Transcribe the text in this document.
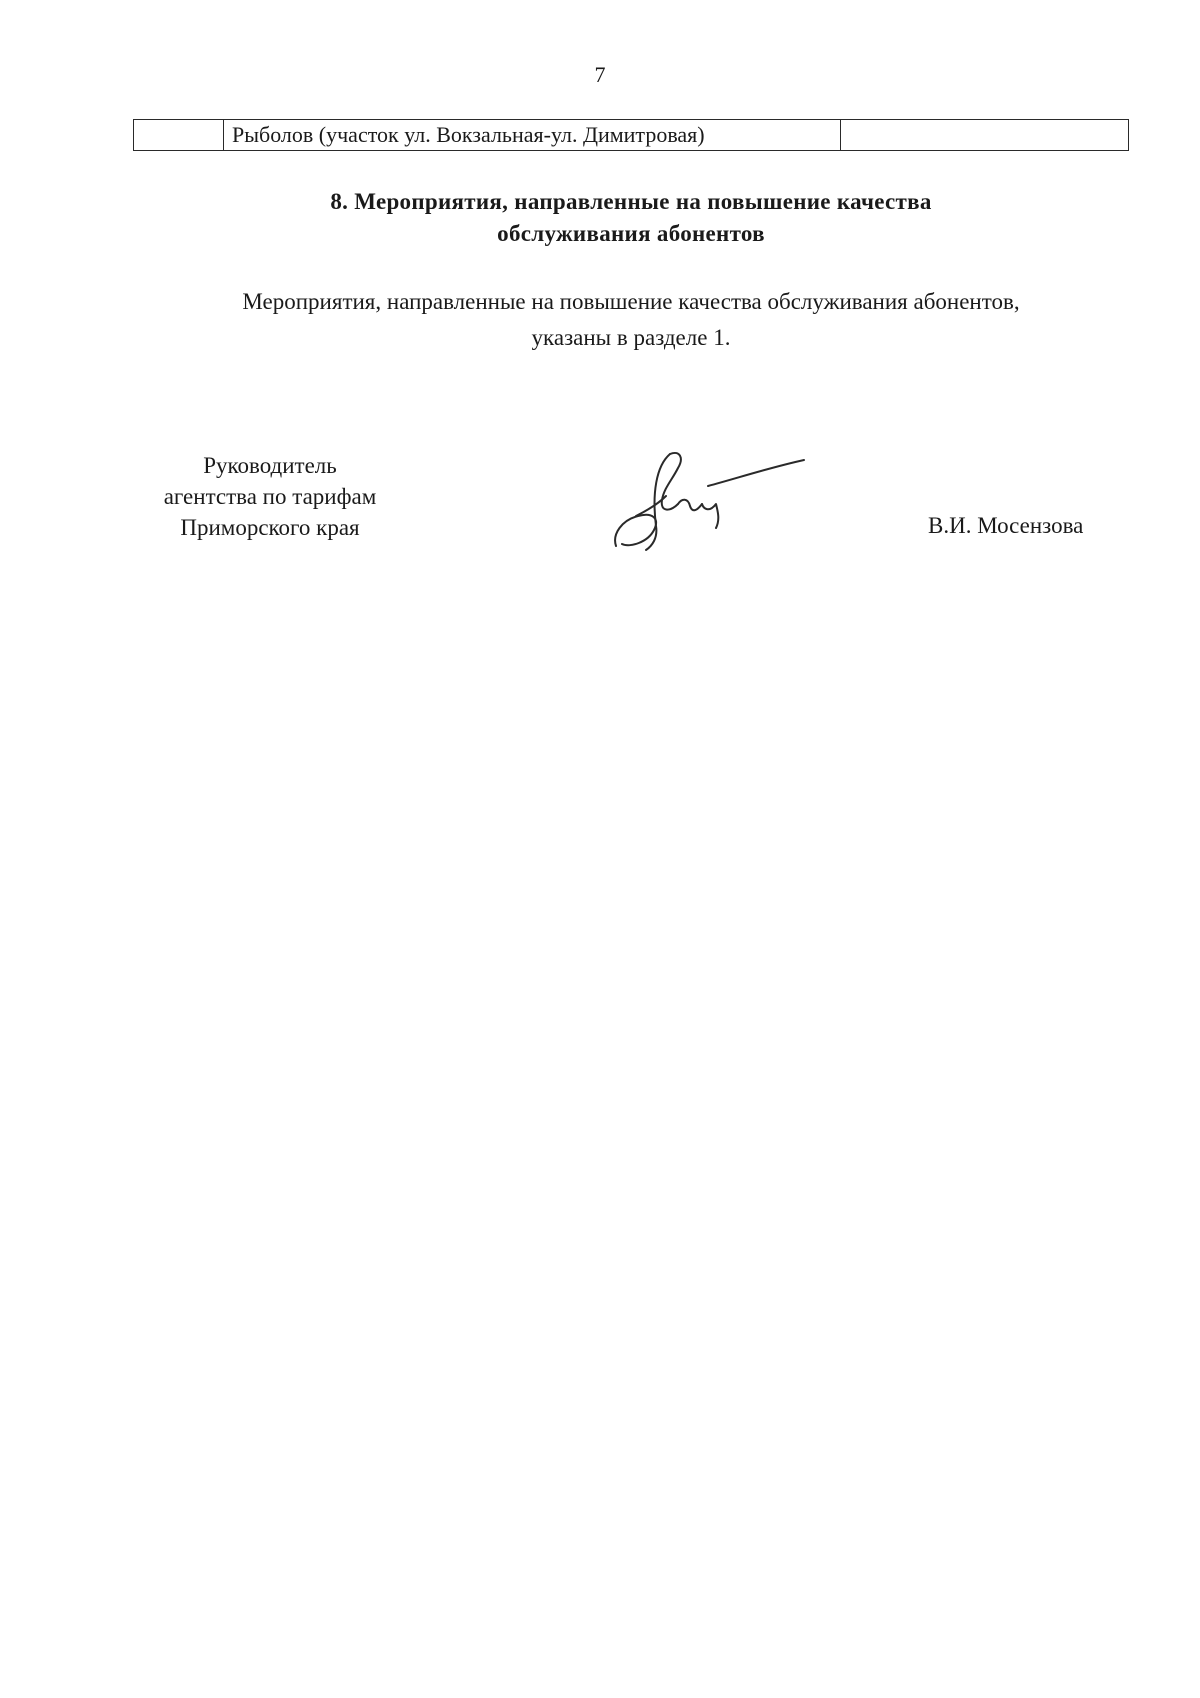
7
Рыболов (участок ул. Вокзальная-ул. Димитровая)
8. Мероприятия, направленные на повышение качества
обслуживания абонентов
Мероприятия, направленные на повышение качества обслуживания абонентов,
указаны в разделе 1.
Руководитель
агентства по тарифам
Приморского края	В.И. Мосензова
